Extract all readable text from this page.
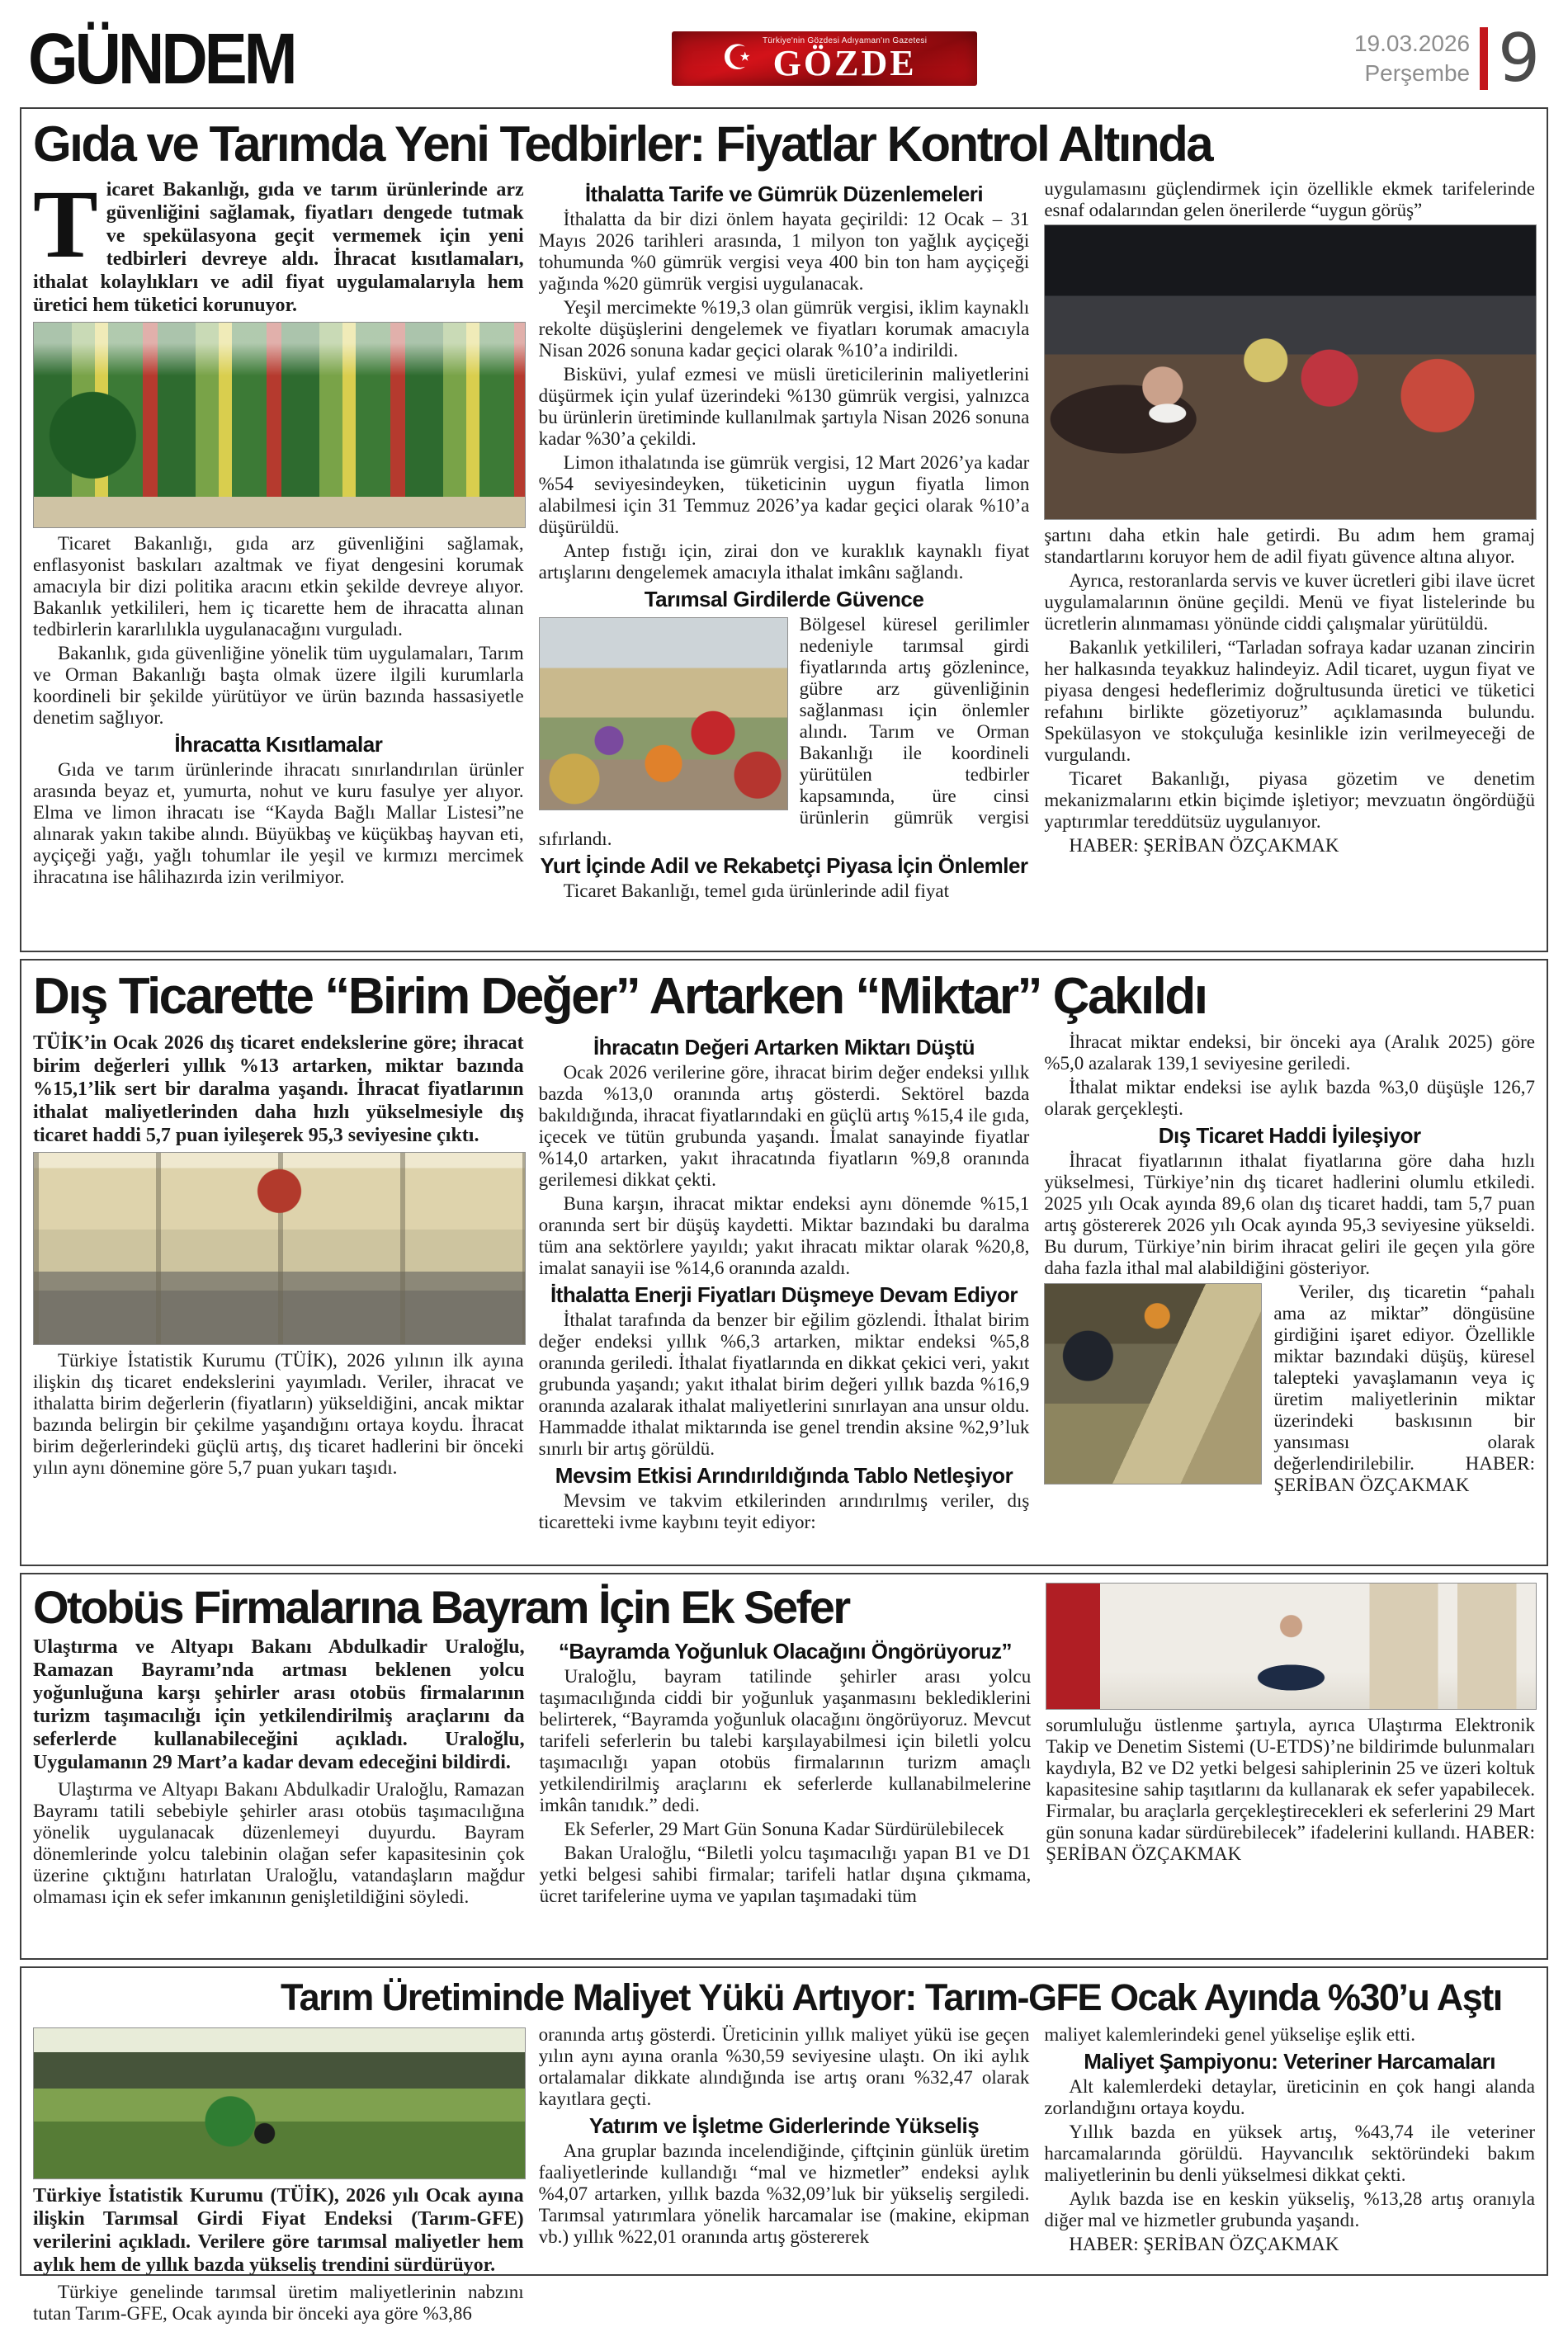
GÜNDEM	☪ Türkiye'nin Gözdesi Adıyaman'ın Gazetesi
GÖZDE	19.03.2026
Perşembe 9
Gıda ve Tarımda Yeni Tedbirler: Fiyatlar Kontrol Altında

Ticaret Bakanlığı, gıda ve tarım ürünlerinde arz güvenliğini sağlamak, fiyatları dengede tutmak ve spekülasyona geçit vermemek için yeni tedbirleri devreye aldı. İhracat kısıtlamaları, ithalat kolaylıkları ve adil fiyat uygulamalarıyla hem üretici hem tüketici korunuyor.

Ticaret Bakanlığı, gıda arz güvenliğini sağlamak, enflasyonist baskıları azaltmak ve fiyat dengesini korumak amacıyla bir dizi politika aracını etkin şekilde devreye alıyor. Bakanlık yetkilileri, hem iç ticarette hem de ihracatta alınan tedbirlerin kararlılıkla uygulanacağını vurguladı.

Bakanlık, gıda güvenliğine yönelik tüm uygulamaları, Tarım ve Orman Bakanlığı başta olmak üzere ilgili kurumlarla koordineli bir şekilde yürütüyor ve ürün bazında hassasiyetle denetim sağlıyor.

İhracatta Kısıtlamalar

Gıda ve tarım ürünlerinde ihracatı sınırlandırılan ürünler arasında beyaz et, yumurta, nohut ve kuru fasulye yer alıyor. Elma ve limon ihracatı ise “Kayda Bağlı Mallar Listesi”ne alınarak yakın takibe alındı. Büyükbaş ve küçükbaş hayvan eti, ayçiçeği yağı, yağlı tohumlar ile yeşil ve kırmızı mercimek ihracatına ise hâlihazırda izin verilmiyor.

İthalatta Tarife ve Gümrük Düzenlemeleri

İthalatta da bir dizi önlem hayata geçirildi: 12 Ocak – 31 Mayıs 2026 tarihleri arasında, 1 milyon ton yağlık ayçiçeği tohumunda %0 gümrük vergisi veya 400 bin ton ham ayçiçeği yağında %20 gümrük vergisi uygulanacak.

Yeşil mercimekte %19,3 olan gümrük vergisi, iklim kaynaklı rekolte düşüşlerini dengelemek ve fiyatları korumak amacıyla Nisan 2026 sonuna kadar geçici olarak %10’a indirildi.

Bisküvi, yulaf ezmesi ve müsli üreticilerinin maliyetlerini düşürmek için yulaf üzerindeki %130 gümrük vergisi, yalnızca bu ürünlerin üretiminde kullanılmak şartıyla Nisan 2026 sonuna kadar %30’a çekildi.

Limon ithalatında ise gümrük vergisi, 12 Mart 2026’ya kadar %54 seviyesindeyken, tüketicinin uygun fiyatla limon alabilmesi için 31 Temmuz 2026’ya kadar geçici olarak %10’a düşürüldü.

Antep fıstığı için, zirai don ve kuraklık kaynaklı fiyat artışlarını dengelemek amacıyla ithalat imkânı sağlandı.

Tarımsal Girdilerde Güvence

Bölgesel küresel gerilimler nedeniyle tarımsal girdi fiyatlarında artış gözlenince, gübre arz güvenliğinin sağlanması için önlemler alındı. Tarım ve Orman Bakanlığı ile koordineli yürütülen tedbirler kapsamında, üre cinsi ürünlerin gümrük vergisi sıfırlandı.

Yurt İçinde Adil ve Rekabetçi Piyasa İçin Önlemler

Ticaret Bakanlığı, temel gıda ürünlerinde adil fiyat

uygulamasını güçlendirmek için özellikle ekmek tarifelerinde esnaf odalarından gelen önerilerde “uygun görüş”

şartını daha etkin hale getirdi. Bu adım hem gramaj standartlarını koruyor hem de adil fiyatı güvence altına alıyor.

Ayrıca, restoranlarda servis ve kuver ücretleri gibi ilave ücret uygulamalarının önüne geçildi. Menü ve fiyat listelerinde bu ücretlerin alınmaması yönünde ciddi çalışmalar yürütüldü.

Bakanlık yetkilileri, “Tarladan sofraya kadar uzanan zincirin her halkasında teyakkuz halindeyiz. Adil ticaret, uygun fiyat ve piyasa dengesi hedeflerimiz doğrultusunda üretici ve tüketici refahını birlikte gözetiyoruz” açıklamasında bulundu. Spekülasyon ve stokçuluğa kesinlikle izin verilmeyeceği de vurgulandı.

Ticaret Bakanlığı, piyasa gözetim ve denetim mekanizmalarını etkin biçimde işletiyor; mevzuatın öngördüğü yaptırımlar tereddütsüz uygulanıyor.

HABER: ŞERİBAN ÖZÇAKMAK

Dış Ticarette “Birim Değer” Artarken “Miktar” Çakıldı

TÜİK’in Ocak 2026 dış ticaret endekslerine göre; ihracat birim değerleri yıllık %13 artarken, miktar bazında %15,1’lik sert bir daralma yaşandı. İhracat fiyatlarının ithalat maliyetlerinden daha hızlı yükselmesiyle dış ticaret haddi 5,7 puan iyileşerek 95,3 seviyesine çıktı.

Türkiye İstatistik Kurumu (TÜİK), 2026 yılının ilk ayına ilişkin dış ticaret endekslerini yayımladı. Veriler, ihracat ve ithalatta birim değerlerin (fiyatların) yükseldiğini, ancak miktar bazında belirgin bir çekilme yaşandığını ortaya koydu. İhracat birim değerlerindeki güçlü artış, dış ticaret hadlerini bir önceki yılın aynı dönemine göre 5,7 puan yukarı taşıdı.

İhracatın Değeri Artarken Miktarı Düştü

Ocak 2026 verilerine göre, ihracat birim değer endeksi yıllık bazda %13,0 oranında artış gösterdi. Sektörel bazda bakıldığında, ihracat fiyatlarındaki en güçlü artış %15,4 ile gıda, içecek ve tütün grubunda yaşandı. İmalat sanayinde fiyatlar %14,0 artarken, yakıt ihracatında fiyatların %9,8 oranında gerilemesi dikkat çekti.

Buna karşın, ihracat miktar endeksi aynı dönemde %15,1 oranında sert bir düşüş kaydetti. Miktar bazındaki bu daralma tüm ana sektörlere yayıldı; yakıt ihracatı miktar olarak %20,8, imalat sanayii ise %14,6 oranında azaldı.

İthalatta Enerji Fiyatları Düşmeye Devam Ediyor

İthalat tarafında da benzer bir eğilim gözlendi. İthalat birim değer endeksi yıllık %6,3 artarken, miktar endeksi %5,8 oranında geriledi. İthalat fiyatlarında en dikkat çekici veri, yakıt grubunda yaşandı; yakıt ithalat birim değeri yıllık bazda %16,9 oranında azalarak ithalat maliyetlerini sınırlayan ana unsur oldu. Hammadde ithalat miktarında ise genel trendin aksine %2,9’luk sınırlı bir artış görüldü.

Mevsim Etkisi Arındırıldığında Tablo Netleşiyor

Mevsim ve takvim etkilerinden arındırılmış veriler, dış ticaretteki ivme kaybını teyit ediyor:

İhracat miktar endeksi, bir önceki aya (Aralık 2025) göre %5,0 azalarak 139,1 seviyesine geriledi.

İthalat miktar endeksi ise aylık bazda %3,0 düşüşle 126,7 olarak gerçekleşti.

Dış Ticaret Haddi İyileşiyor

İhracat fiyatlarının ithalat fiyatlarına göre daha hızlı yükselmesi, Türkiye’nin dış ticaret hadlerini olumlu etkiledi. 2025 yılı Ocak ayında 89,6 olan dış ticaret haddi, tam 5,7 puan artış göstererek 2026 yılı Ocak ayında 95,3 seviyesine yükseldi. Bu durum, Türkiye’nin birim ihracat geliri ile geçen yıla göre daha fazla ithal mal alabildiğini gösteriyor.

Veriler, dış ticaretin “pahalı ama az miktar” döngüsüne girdiğini işaret ediyor. Özellikle miktar bazındaki düşüş, küresel talepteki yavaşlamanın veya iç üretim maliyetlerinin miktar üzerindeki baskısının bir yansıması olarak değerlendirilebilir. HABER: ŞERİBAN ÖZÇAKMAK

Otobüs Firmalarına Bayram İçin Ek Sefer

Ulaştırma ve Altyapı Bakanı Abdulkadir Uraloğlu, Ramazan Bayramı’nda artması beklenen yolcu yoğunluğuna karşı şehirler arası otobüs firmalarının turizm taşımacılığı için yetkilendirilmiş araçlarını da seferlerde kullanabileceğini açıkladı. Uraloğlu, Uygulamanın 29 Mart’a kadar devam edeceğini bildirdi.

Ulaştırma ve Altyapı Bakanı Abdulkadir Uraloğlu, Ramazan Bayramı tatili sebebiyle şehirler arası otobüs taşımacılığına yönelik uygulanacak düzenlemeyi duyurdu. Bayram dönemlerinde yolcu talebinin olağan sefer kapasitesinin çok üzerine çıktığını hatırlatan Uraloğlu, vatandaşların mağdur olmaması için ek sefer imkanının genişletildiğini söyledi.

“Bayramda Yoğunluk Olacağını Öngörüyoruz”

Uraloğlu, bayram tatilinde şehirler arası yolcu taşımacılığında ciddi bir yoğunluk yaşanmasını beklediklerini belirterek, “Bayramda yoğunluk olacağını öngörüyoruz. Mevcut tarifeli seferlerin bu talebi karşılayabilmesi için biletli yolcu taşımacılığı yapan otobüs firmalarının turizm amaçlı yetkilendirilmiş araçlarını ek seferlerde kullanabilmelerine imkân tanıdık.” dedi.

Ek Seferler, 29 Mart Gün Sonuna Kadar Sürdürülebilecek

Bakan Uraloğlu, “Biletli yolcu taşımacılığı yapan B1 ve D1 yetki belgesi sahibi firmalar; tarifeli hatlar dışına çıkmama, ücret tarifelerine uyma ve yapılan taşımadaki tüm

sorumluluğu üstlenme şartıyla, ayrıca Ulaştırma Elektronik Takip ve Denetim Sistemi (U-ETDS)’ne bildirimde bulunmaları kaydıyla, B2 ve D2 yetki belgesi sahiplerinin 25 ve üzeri koltuk kapasitesine sahip taşıtlarını da kullanarak ek sefer yapabilecek. Firmalar, bu araçlarla gerçekleştirecekleri ek seferlerini 29 Mart gün sonuna kadar sürdürebilecek” ifadelerini kullandı. HABER: ŞERİBAN ÖZÇAKMAK

Tarım Üretiminde Maliyet Yükü Artıyor: Tarım-GFE Ocak Ayında %30’u Aştı

Türkiye İstatistik Kurumu (TÜİK), 2026 yılı Ocak ayına ilişkin Tarımsal Girdi Fiyat Endeksi (Tarım-GFE) verilerini açıkladı. Verilere göre tarımsal maliyetler hem aylık hem de yıllık bazda yükseliş trendini sürdürüyor.

Türkiye genelinde tarımsal üretim maliyetlerinin nabzını tutan Tarım-GFE, Ocak ayında bir önceki aya göre %3,86

oranında artış gösterdi. Üreticinin yıllık maliyet yükü ise geçen yılın aynı ayına oranla %30,59 seviyesine ulaştı. On iki aylık ortalamalar dikkate alındığında ise artış oranı %32,47 olarak kayıtlara geçti.

Yatırım ve İşletme Giderlerinde Yükseliş

Ana gruplar bazında incelendiğinde, çiftçinin günlük üretim faaliyetlerinde kullandığı “mal ve hizmetler” endeksi aylık %4,07 artarken, yıllık bazda %32,09’luk bir yükseliş sergiledi. Tarımsal yatırımlara yönelik harcamalar ise (makine, ekipman vb.) yıllık %22,01 oranında artış göstererek

maliyet kalemlerindeki genel yükselişe eşlik etti.

Maliyet Şampiyonu: Veteriner Harcamaları

Alt kalemlerdeki detaylar, üreticinin en çok hangi alanda zorlandığını ortaya koydu.

Yıllık bazda en yüksek artış, %43,74 ile veteriner harcamalarında görüldü. Hayvancılık sektöründeki bakım maliyetlerinin bu denli yükselmesi dikkat çekti.

Aylık bazda ise en keskin yükseliş, %13,28 artış oranıyla diğer mal ve hizmetler grubunda yaşandı.

HABER: ŞERİBAN ÖZÇAKMAK
